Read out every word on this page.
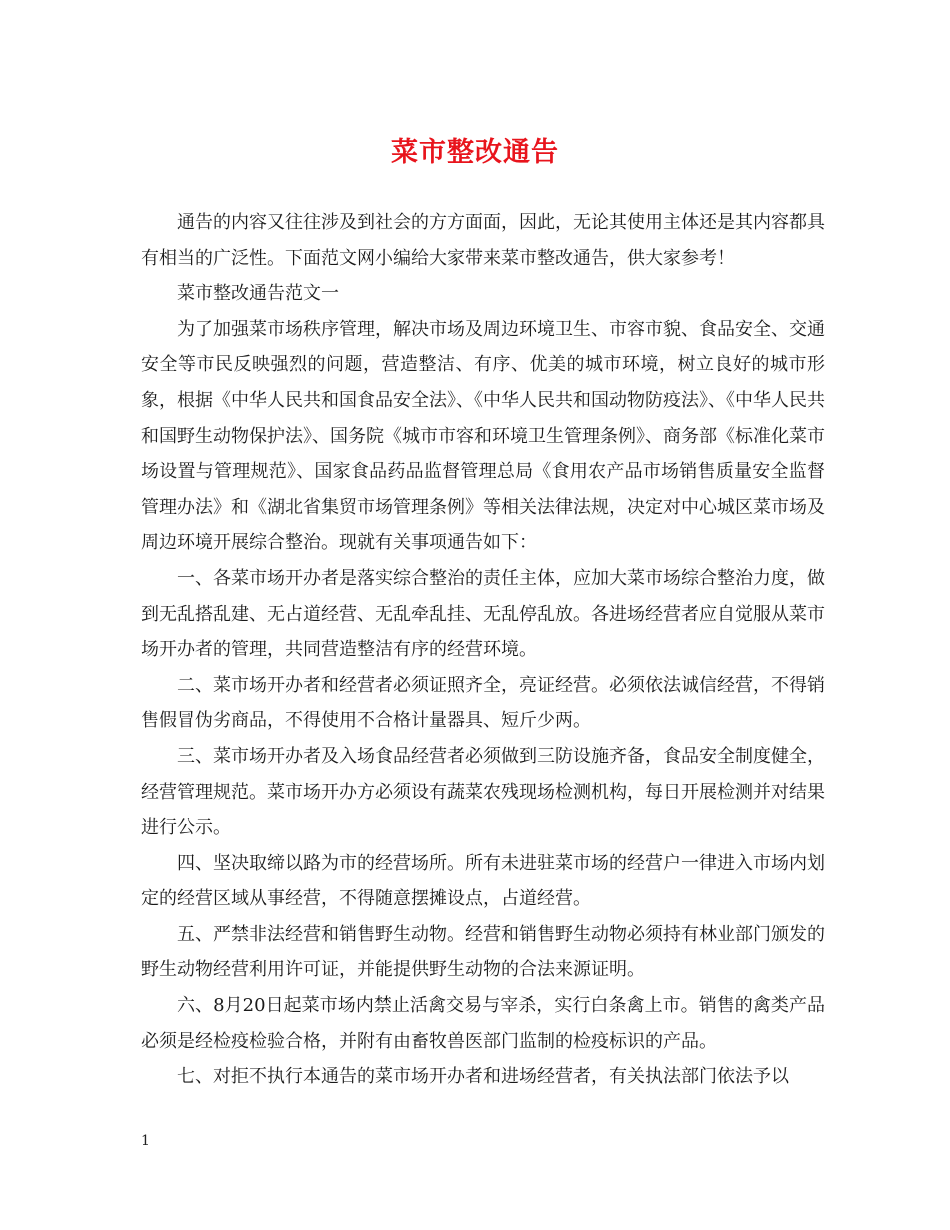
菜市整改通告

通告的内容又往往涉及到社会的方方面面，因此，无论其使用主体还是其内容都具有相当的广泛性。下面范文网小编给大家带来菜市整改通告，供大家参考！

菜市整改通告范文一

为了加强菜市场秩序管理，解决市场及周边环境卫生、市容市貌、食品安全、交通安全等市民反映强烈的问题，营造整洁、有序、优美的城市环境，树立良好的城市形象，根据《中华人民共和国食品安全法》、《中华人民共和国动物防疫法》、《中华人民共和国野生动物保护法》、国务院《城市市容和环境卫生管理条例》、商务部《标准化菜市场设置与管理规范》、国家食品药品监督管理总局《食用农产品市场销售质量安全监督管理办法》和《湖北省集贸市场管理条例》等相关法律法规，决定对中心城区菜市场及周边环境开展综合整治。现就有关事项通告如下：

一、各菜市场开办者是落实综合整治的责任主体，应加大菜市场综合整治力度，做到无乱搭乱建、无占道经营、无乱牵乱挂、无乱停乱放。各进场经营者应自觉服从菜市场开办者的管理，共同营造整洁有序的经营环境。

二、菜市场开办者和经营者必须证照齐全，亮证经营。必须依法诚信经营，不得销售假冒伪劣商品，不得使用不合格计量器具、短斤少两。

三、菜市场开办者及入场食品经营者必须做到三防设施齐备，食品安全制度健全，经营管理规范。菜市场开办方必须设有蔬菜农残现场检测机构，每日开展检测并对结果进行公示。

四、坚决取缔以路为市的经营场所。所有未进驻菜市场的经营户一律进入市场内划定的经营区域从事经营，不得随意摆摊设点，占道经营。

五、严禁非法经营和销售野生动物。经营和销售野生动物必须持有林业部门颁发的野生动物经营利用许可证，并能提供野生动物的合法来源证明。

六、8月20日起菜市场内禁止活禽交易与宰杀，实行白条禽上市。销售的禽类产品必须是经检疫检验合格，并附有由畜牧兽医部门监制的检疫标识的产品。

七、对拒不执行本通告的菜市场开办者和进场经营者，有关执法部门依法予以

1
